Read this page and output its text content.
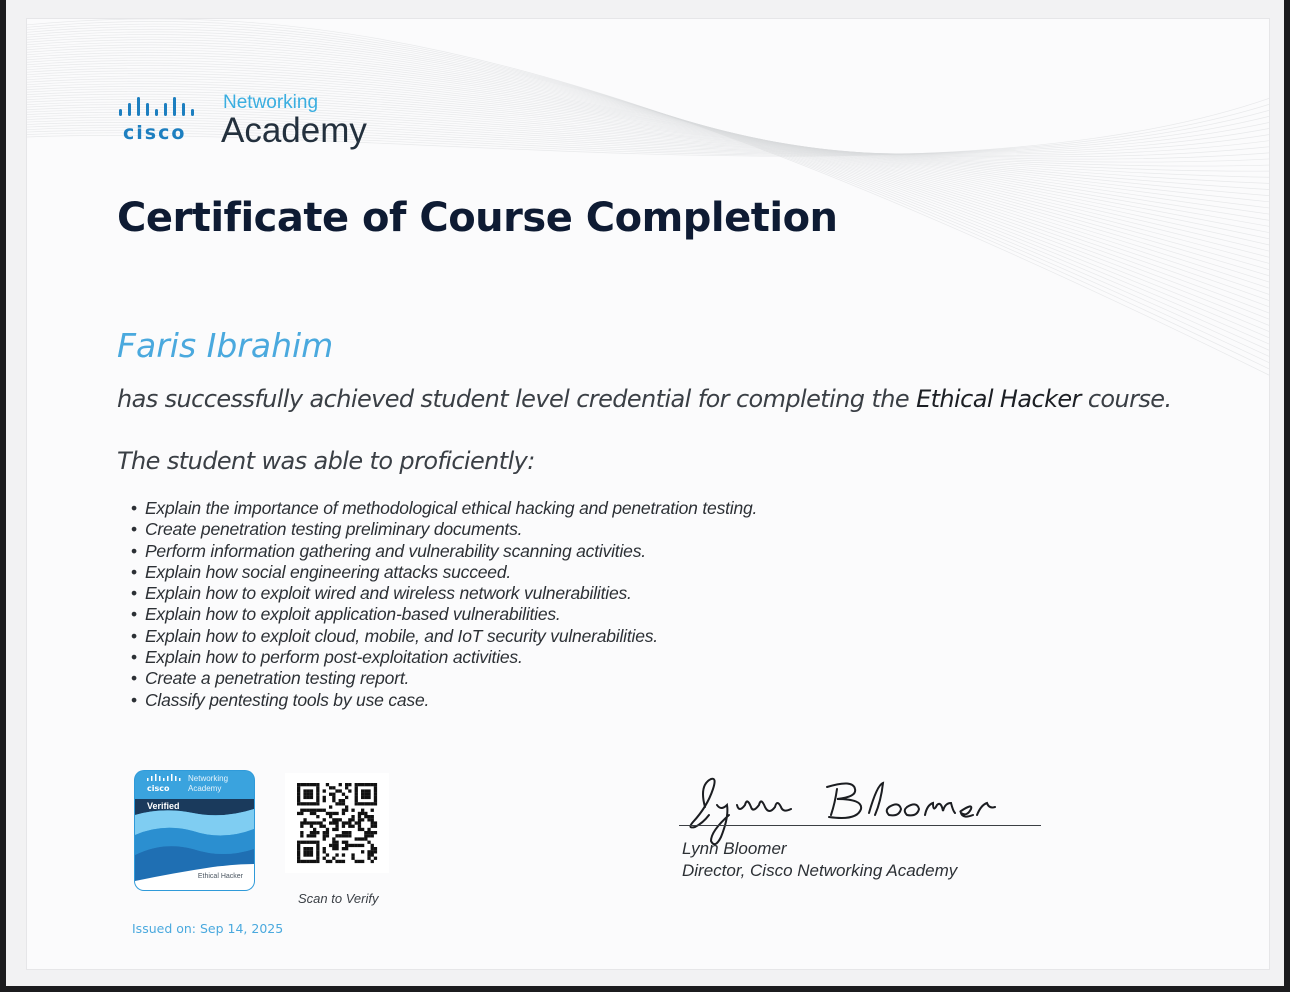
cisco
Networking
Academy
Certificate of Course Completion
Faris Ibrahim
has successfully achieved student level credential for completing the Ethical Hacker course.
The student was able to proficiently:
• Explain the importance of methodological ethical hacking and penetration testing.
• Create penetration testing preliminary documents.
• Perform information gathering and vulnerability scanning activities.
• Explain how social engineering attacks succeed.
• Explain how to exploit wired and wireless network vulnerabilities.
• Explain how to exploit application-based vulnerabilities.
• Explain how to exploit cloud, mobile, and IoT security vulnerabilities.
• Explain how to perform post-exploitation activities.
• Create a penetration testing report.
• Classify pentesting tools by use case.
cisco
Networking
Academy
Verified
Ethical Hacker
Scan to Verify
Issued on: Sep 14, 2025
Lynn Bloomer
Director, Cisco Networking Academy
